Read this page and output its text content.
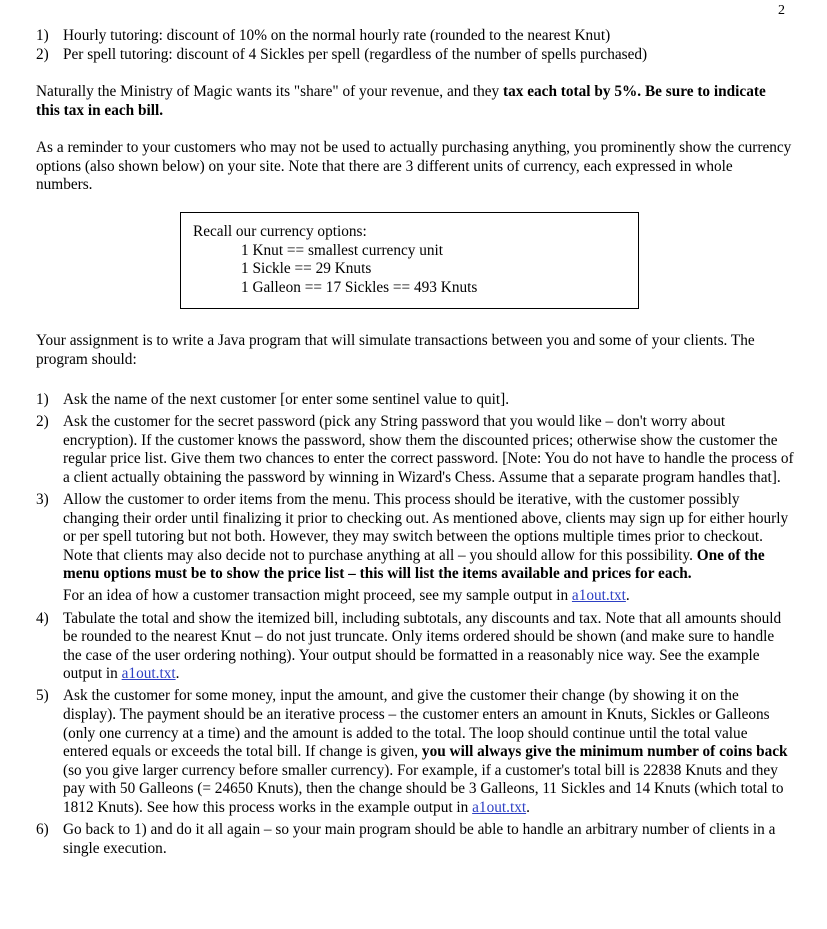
2
1) Hourly tutoring: discount of 10% on the normal hourly rate (rounded to the nearest Knut)
2) Per spell tutoring: discount of 4 Sickles per spell (regardless of the number of spells purchased)
Naturally the Ministry of Magic wants its "share" of your revenue, and they tax each total by 5%. Be sure to indicate this tax in each bill.
As a reminder to your customers who may not be used to actually purchasing anything, you prominently show the currency options (also shown below) on your site. Note that there are 3 different units of currency, each expressed in whole numbers.
Recall our currency options:
1 Knut == smallest currency unit
1 Sickle == 29 Knuts
1 Galleon == 17 Sickles == 493 Knuts
Your assignment is to write a Java program that will simulate transactions between you and some of your clients. The program should:
1) Ask the name of the next customer [or enter some sentinel value to quit].
2) Ask the customer for the secret password (pick any String password that you would like – don't worry about encryption). If the customer knows the password, show them the discounted prices; otherwise show the customer the regular price list. Give them two chances to enter the correct password. [Note: You do not have to handle the process of a client actually obtaining the password by winning in Wizard's Chess. Assume that a separate program handles that].
3) Allow the customer to order items from the menu. This process should be iterative, with the customer possibly changing their order until finalizing it prior to checking out. As mentioned above, clients may sign up for either hourly or per spell tutoring but not both. However, they may switch between the options multiple times prior to checkout. Note that clients may also decide not to purchase anything at all – you should allow for this possibility. One of the menu options must be to show the price list – this will list the items available and prices for each.
For an idea of how a customer transaction might proceed, see my sample output in a1out.txt.
4) Tabulate the total and show the itemized bill, including subtotals, any discounts and tax. Note that all amounts should be rounded to the nearest Knut – do not just truncate. Only items ordered should be shown (and make sure to handle the case of the user ordering nothing). Your output should be formatted in a reasonably nice way. See the example output in a1out.txt.
5) Ask the customer for some money, input the amount, and give the customer their change (by showing it on the display). The payment should be an iterative process – the customer enters an amount in Knuts, Sickles or Galleons (only one currency at a time) and the amount is added to the total. The loop should continue until the total value entered equals or exceeds the total bill. If change is given, you will always give the minimum number of coins back (so you give larger currency before smaller currency). For example, if a customer's total bill is 22838 Knuts and they pay with 50 Galleons (= 24650 Knuts), then the change should be 3 Galleons, 11 Sickles and 14 Knuts (which total to 1812 Knuts). See how this process works in the example output in a1out.txt.
6) Go back to 1) and do it all again – so your main program should be able to handle an arbitrary number of clients in a single execution.
